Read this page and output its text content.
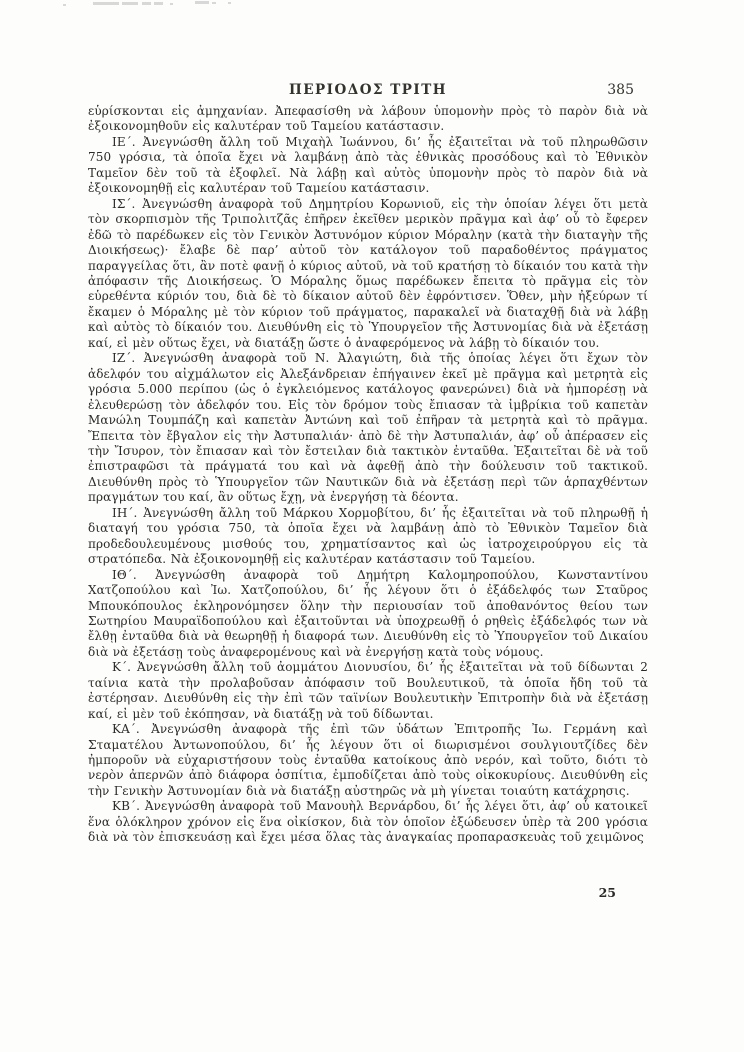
ΠΕΡΙΟΔΟΣ ΤΡΙΤΗ	385

εὑρίσκονται εἰς ἀμηχανίαν. Ἀπεφασίσθη νὰ λάβουν ὑπομονὴν πρὸς τὸ παρὸν διὰ νὰ ἐξοικονομηθοῦν εἰς καλυτέραν τοῦ Ταμείου κατάστασιν.

ΙΕ΄. Ἀνεγνώσθη ἄλλη τοῦ Μιχαὴλ Ἰωάννου, δι’ ἧς ἐξαιτεῖται νὰ τοῦ πληρωθῶσιν 750 γρόσια, τὰ ὁποῖα ἔχει νὰ λαμβάνῃ ἀπὸ τὰς ἐθνικὰς προσόδους καὶ τὸ Ἐθνικὸν Ταμεῖον δὲν τοῦ τὰ ἐξοφλεῖ. Νὰ λάβῃ καὶ αὐτὸς ὑπομονὴν πρὸς τὸ παρὸν διὰ νὰ ἐξοικονομηθῇ εἰς καλυτέραν τοῦ Ταμείου κατάστασιν.

ΙΣ΄. Ἀνεγνώσθη ἀναφορὰ τοῦ Δημητρίου Κορωνιοῦ, εἰς τὴν ὁποίαν λέγει ὅτι μετὰ τὸν σκορπισμὸν τῆς Τριπολιτζᾶς ἐπῆρεν ἐκεῖθεν μερικὸν πρᾶγμα καὶ ἀφ’ οὗ τὸ ἔφερεν ἐδῶ τὸ παρέδωκεν εἰς τὸν Γενικὸν Ἀστυνόμον κύριον Μόραλην (κατὰ τὴν διαταγὴν τῆς Διοικήσεως)· ἔλαβε δὲ παρ’ αὐτοῦ τὸν κατάλογον τοῦ παραδοθέντος πράγματος παραγγείλας ὅτι, ἂν ποτὲ φανῇ ὁ κύριος αὐτοῦ, νὰ τοῦ κρατήσῃ τὸ δίκαιόν του κατὰ τὴν ἀπόφασιν τῆς Διοικήσεως. Ὁ Μόραλης ὅμως παρέδωκεν ἔπειτα τὸ πρᾶγμα εἰς τὸν εὑρεθέντα κύριόν του, διὰ δὲ τὸ δίκαιον αὐτοῦ δὲν ἐφρόντισεν. Ὅθεν, μὴν ἠξεύρων τί ἔκαμεν ὁ Μόραλης μὲ τὸν κύριον τοῦ πράγματος, παρακαλεῖ νὰ διαταχθῇ διὰ νὰ λάβῃ καὶ αὐτὸς τὸ δίκαιόν του. Διευθύνθη εἰς τὸ Ὑπουργεῖον τῆς Ἀστυνομίας διὰ νὰ ἐξετάσῃ καί, εἰ μὲν οὕτως ἔχει, νὰ διατάξῃ ὥστε ὁ ἀναφερόμενος νὰ λάβῃ τὸ δίκαιόν του.

ΙΖ΄. Ἀνεγνώσθη ἀναφορὰ τοῦ Ν. Ἀλαγιώτη, διὰ τῆς ὁποίας λέγει ὅτι ἔχων τὸν ἀδελφόν του αἰχμάλωτον εἰς Ἀλεξάνδρειαν ἐπήγαινεν ἐκεῖ μὲ πρᾶγμα καὶ μετρητὰ εἰς γρόσια 5.000 περίπου (ὡς ὁ ἐγκλειόμενος κατάλογος φανερώνει) διὰ νὰ ἠμπορέσῃ νὰ ἐλευθερώσῃ τὸν ἀδελφόν του. Εἰς τὸν δρόμον τοὺς ἔπιασαν τὰ ἰμβρίκια τοῦ καπετὰν Μανώλη Τουμπάζη καὶ καπετὰν Ἀντώνη καὶ τοῦ ἐπῆραν τὰ μετρητὰ καὶ τὸ πρᾶγμα. Ἔπειτα τὸν ἔβγαλον εἰς τὴν Ἀστυπαλιάν· ἀπὸ δὲ τὴν Ἀστυπαλιάν, ἀφ’ οὗ ἀπέρασεν εἰς τὴν Ἴσυρον, τὸν ἔπιασαν καὶ τὸν ἔστειλαν διὰ τακτικὸν ἐνταῦθα. Ἐξαιτεῖται δὲ νὰ τοῦ ἐπιστραφῶσι τὰ πράγματά του καὶ νὰ ἀφεθῇ ἀπὸ τὴν δούλευσιν τοῦ τακτικοῦ. Διευθύνθη πρὸς τὸ Ὑπουργεῖον τῶν Ναυτικῶν διὰ νὰ ἐξετάσῃ περὶ τῶν ἁρπαχθέντων πραγμάτων του καί, ἂν οὕτως ἔχῃ, νὰ ἐνεργήσῃ τὰ δέοντα.

ΙΗ΄. Ἀνεγνώσθη ἄλλη τοῦ Μάρκου Χορμοβίτου, δι’ ἧς ἐξαιτεῖται νὰ τοῦ πληρωθῇ ἡ διαταγή του γρόσια 750, τὰ ὁποῖα ἔχει νὰ λαμβάνῃ ἀπὸ τὸ Ἐθνικὸν Ταμεῖον διὰ προδεδουλευμένους μισθούς του, χρηματίσαντος καὶ ὡς ἰατροχειρούργου εἰς τὰ στρατόπεδα. Νὰ ἐξοικονομηθῇ εἰς καλυτέραν κατάστασιν τοῦ Ταμείου.

ΙΘ΄. Ἀνεγνώσθη ἀναφορὰ τοῦ Δημήτρη Καλομηροπούλου, Κωνσταντίνου Χατζοπούλου καὶ Ἰω. Χατζοπούλου, δι’ ἧς λέγουν ὅτι ὁ ἐξάδελφός των Σταῦρος Μπουκόπουλος ἐκληρονόμησεν ὅλην τὴν περιουσίαν τοῦ ἀποθανόντος θείου των Σωτηρίου Μαυραϊδοπούλου καὶ ἐξαιτοῦνται νὰ ὑποχρεωθῇ ὁ ρηθεὶς ἐξάδελφός των νὰ ἔλθῃ ἐνταῦθα διὰ νὰ θεωρηθῇ ἡ διαφορά των. Διευθύνθη εἰς τὸ Ὑπουργεῖον τοῦ Δικαίου διὰ νὰ ἐξετάσῃ τοὺς ἀναφερομένους καὶ νὰ ἐνεργήσῃ κατὰ τοὺς νόμους.

Κ΄. Ἀνεγνώσθη ἄλλη τοῦ ἀομμάτου Διονυσίου, δι’ ἧς ἐξαιτεῖται νὰ τοῦ δίδωνται 2 ταίνια κατὰ τὴν προλαβοῦσαν ἀπόφασιν τοῦ Βουλευτικοῦ, τὰ ὁποῖα ἤδη τοῦ τὰ ἐστέρησαν. Διευθύνθη εἰς τὴν ἐπὶ τῶν ταϊνίων Βουλευτικὴν Ἐπιτροπὴν διὰ νὰ ἐξετάσῃ καί, εἰ μὲν τοῦ ἐκόπησαν, νὰ διατάξῃ νὰ τοῦ δίδωνται.

ΚΑ΄. Ἀνεγνώσθη ἀναφορὰ τῆς ἐπὶ τῶν ὑδάτων Ἐπιτροπῆς Ἰω. Γερμάνη καὶ Σταματέλου Ἀντωνοπούλου, δι’ ἧς λέγουν ὅτι οἱ διωρισμένοι σουλγιουτζίδες δὲν ἠμποροῦν νὰ εὐχαριστήσουν τοὺς ἐνταῦθα κατοίκους ἀπὸ νερόν, καὶ τοῦτο, διότι τὸ νερὸν ἀπερνῶν ἀπὸ διάφορα ὁσπίτια, ἐμποδίζεται ἀπὸ τοὺς οἰκοκυρίους. Διευθύνθη εἰς τὴν Γενικὴν Ἀστυνομίαν διὰ νὰ διατάξῃ αὐστηρῶς νὰ μὴ γίνεται τοιαύτη κατάχρησις.

ΚΒ΄. Ἀνεγνώσθη ἀναφορὰ τοῦ Μανουὴλ Βερνάρδου, δι’ ἧς λέγει ὅτι, ἀφ’ οὗ κατοικεῖ ἕνα ὁλόκληρον χρόνον εἰς ἕνα οἰκίσκον, διὰ τὸν ὁποῖον ἐξώδευσεν ὑπὲρ τὰ 200 γρόσια διὰ νὰ τὸν ἐπισκευάσῃ καὶ ἔχει μέσα ὅλας τὰς ἀναγκαίας προπαρασκευὰς τοῦ χειμῶνος

25
